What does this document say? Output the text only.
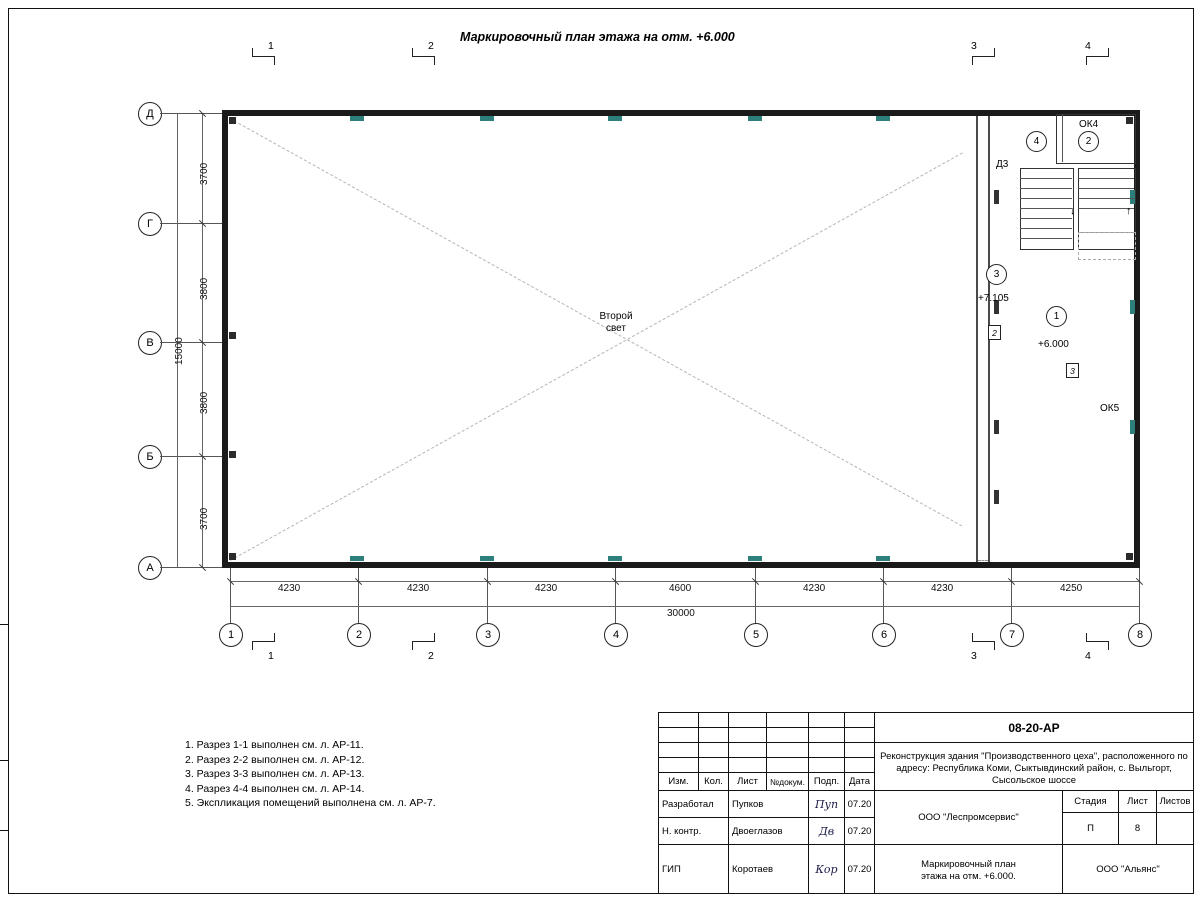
Маркировочный план этажа на отм. +6.000
Второй
свет
↓	↑
ОК4
ОК5
Д3
4	2
3
1
+7.105
+6.000
2
3
Д
Г
В
Б
А
3700
3800
3800
3700
15000
1	2	3	4	5	6	7	8
4230	4230	4230	4600	4230	4230	4250
30000
1	2	3	4
1	2	3	4
1. Разрез 1-1 выполнен см. л. АР-11.
2. Разрез 2-2 выполнен см. л. АР-12.
3. Разрез 3-3 выполнен см. л. АР-13.
4. Разрез 4-4 выполнен см. л. АР-14.
5. Экспликация помещений выполнена см. л. АР-7.
Изм.	Кол.	Лист	№докум. Подп.	Дата
Разработал	Пупков	Пуп 07.20
Н. контр.	Двоеглазов	Дв 07.20
ГИП	Коротаев	Кор 07.20
08-20-АР
Реконструкция здания "Производственного цеха", расположенного по адресу: Республика Коми, Сыктывдинский район, с. Выльгорт, Сысольское шоссе
ООО "Леспромсервис"
Маркировочный план
этажа на отм. +6.000.
Стадия	Лист	Листов
П	8
ООО "Альянс"
